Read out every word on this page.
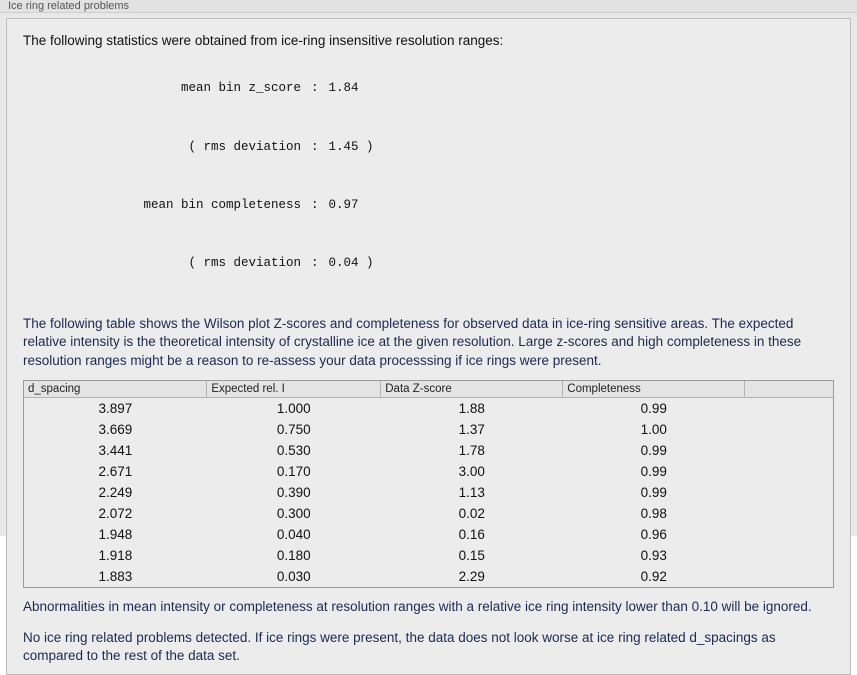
Ice ring related problems
The following statistics were obtained from ice-ring insensitive resolution ranges:

mean bin z_score : 1.84

( rms deviation : 1.45 )

mean bin completeness : 0.97

( rms deviation : 0.04 )

The following table shows the Wilson plot Z-scores and completeness for observed data in ice-ring sensitive areas. The expected relative intensity is the theoretical intensity of crystalline ice at the given resolution. Large z-scores and high completeness in these resolution ranges might be a reason to re-assess your data processsing if ice rings were present.
d_spacing	Expected rel. I	Data Z-score	Completeness	
3.897	1.000	1.88	0.99	
3.669	0.750	1.37	1.00	
3.441	0.530	1.78	0.99	
2.671	0.170	3.00	0.99	
2.249	0.390	1.13	0.99	
2.072	0.300	0.02	0.98	
1.948	0.040	0.16	0.96	
1.918	0.180	0.15	0.93	
1.883	0.030	2.29	0.92	
Abnormalities in mean intensity or completeness at resolution ranges with a relative ice ring intensity lower than 0.10 will be ignored.
No ice ring related problems detected. If ice rings were present, the data does not look worse at ice ring related d_spacings as compared to the rest of the data set.
